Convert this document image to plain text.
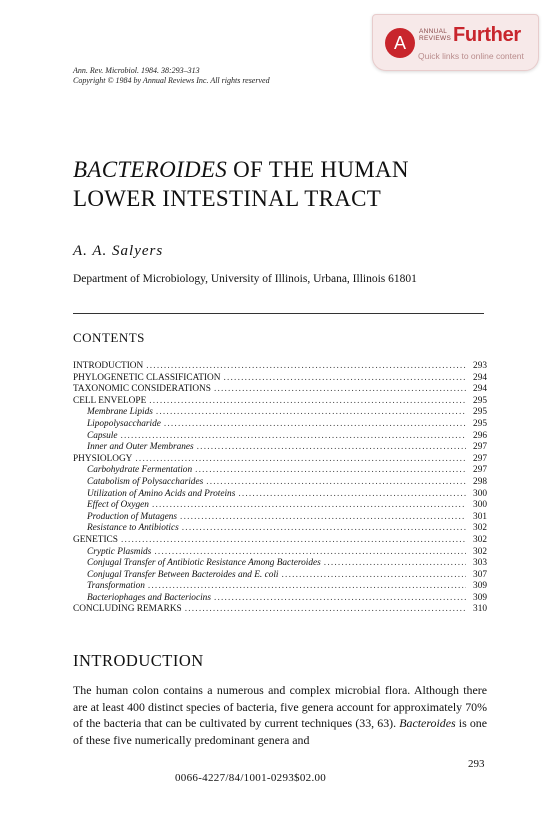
A
ANNUAL
REVIEWS Further
Quick links to online content
Ann. Rev. Microbiol. 1984. 38:293–313
Copyright © 1984 by Annual Reviews Inc. All rights reserved
BACTEROIDES OF THE HUMAN
LOWER INTESTINAL TRACT
A. A. Salyers
Department of Microbiology, University of Illinois, Urbana, Illinois 61801
CONTENTS
INTRODUCTION .....	293
PHYLOGENETIC CLASSIFICATION .....	294
TAXONOMIC CONSIDERATIONS .....	294
CELL ENVELOPE .....	295
Membrane Lipids .....	295
Lipopolysaccharide .....	295
Capsule .....	296
Inner and Outer Membranes .....	297
PHYSIOLOGY .....	297
Carbohydrate Fermentation .....	297
Catabolism of Polysaccharides .....	298
Utilization of Amino Acids and Proteins .....	300
Effect of Oxygen .....	300
Production of Mutagens .....	301
Resistance to Antibiotics .....	302
GENETICS .....	302
Cryptic Plasmids .....	302
Conjugal Transfer of Antibiotic Resistance Among Bacteroides .....	303
Conjugal Transfer Between Bacteroides and E. coli .....	307
Transformation .....	309
Bacteriophages and Bacteriocins .....	309
CONCLUDING REMARKS .....	310
INTRODUCTION
The human colon contains a numerous and complex microbial flora. Although there are at least 400 distinct species of bacteria, five genera account for approximately 70% of the bacteria that can be cultivated by current techniques (33, 63). Bacteroides is one of these five numerically predominant genera and
293
0066-4227/84/1001-0293$02.00
